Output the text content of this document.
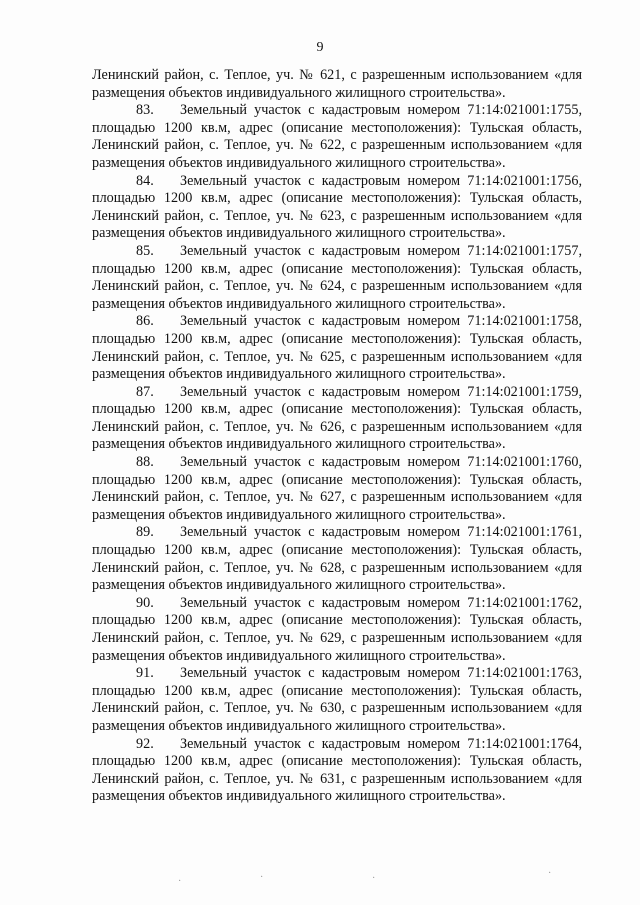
9
Ленинский район, с. Теплое, уч. № 621, с разрешенным использованием «для
размещения объектов индивидуального жилищного строительства».
83.	Земельный участок с кадастровым номером 71:14:021001:1755,
площадью 1200 кв.м, адрес (описание местоположения): Тульская область,
Ленинский район, с. Теплое, уч. № 622, с разрешенным использованием «для
размещения объектов индивидуального жилищного строительства».
84.	Земельный участок с кадастровым номером 71:14:021001:1756,
площадью 1200 кв.м, адрес (описание местоположения): Тульская область,
Ленинский район, с. Теплое, уч. № 623, с разрешенным использованием «для
размещения объектов индивидуального жилищного строительства».
85.	Земельный участок с кадастровым номером 71:14:021001:1757,
площадью 1200 кв.м, адрес (описание местоположения): Тульская область,
Ленинский район, с. Теплое, уч. № 624, с разрешенным использованием «для
размещения объектов индивидуального жилищного строительства».
86.	Земельный участок с кадастровым номером 71:14:021001:1758,
площадью 1200 кв.м, адрес (описание местоположения): Тульская область,
Ленинский район, с. Теплое, уч. № 625, с разрешенным использованием «для
размещения объектов индивидуального жилищного строительства».
87.	Земельный участок с кадастровым номером 71:14:021001:1759,
площадью 1200 кв.м, адрес (описание местоположения): Тульская область,
Ленинский район, с. Теплое, уч. № 626, с разрешенным использованием «для
размещения объектов индивидуального жилищного строительства».
88.	Земельный участок с кадастровым номером 71:14:021001:1760,
площадью 1200 кв.м, адрес (описание местоположения): Тульская область,
Ленинский район, с. Теплое, уч. № 627, с разрешенным использованием «для
размещения объектов индивидуального жилищного строительства».
89.	Земельный участок с кадастровым номером 71:14:021001:1761,
площадью 1200 кв.м, адрес (описание местоположения): Тульская область,
Ленинский район, с. Теплое, уч. № 628, с разрешенным использованием «для
размещения объектов индивидуального жилищного строительства».
90.	Земельный участок с кадастровым номером 71:14:021001:1762,
площадью 1200 кв.м, адрес (описание местоположения): Тульская область,
Ленинский район, с. Теплое, уч. № 629, с разрешенным использованием «для
размещения объектов индивидуального жилищного строительства».
91.	Земельный участок с кадастровым номером 71:14:021001:1763,
площадью 1200 кв.м, адрес (описание местоположения): Тульская область,
Ленинский район, с. Теплое, уч. № 630, с разрешенным использованием «для
размещения объектов индивидуального жилищного строительства».
92.	Земельный участок с кадастровым номером 71:14:021001:1764,
площадью 1200 кв.м, адрес (описание местоположения): Тульская область,
Ленинский район, с. Теплое, уч. № 631, с разрешенным использованием «для
размещения объектов индивидуального жилищного строительства».
·	·	·	·
